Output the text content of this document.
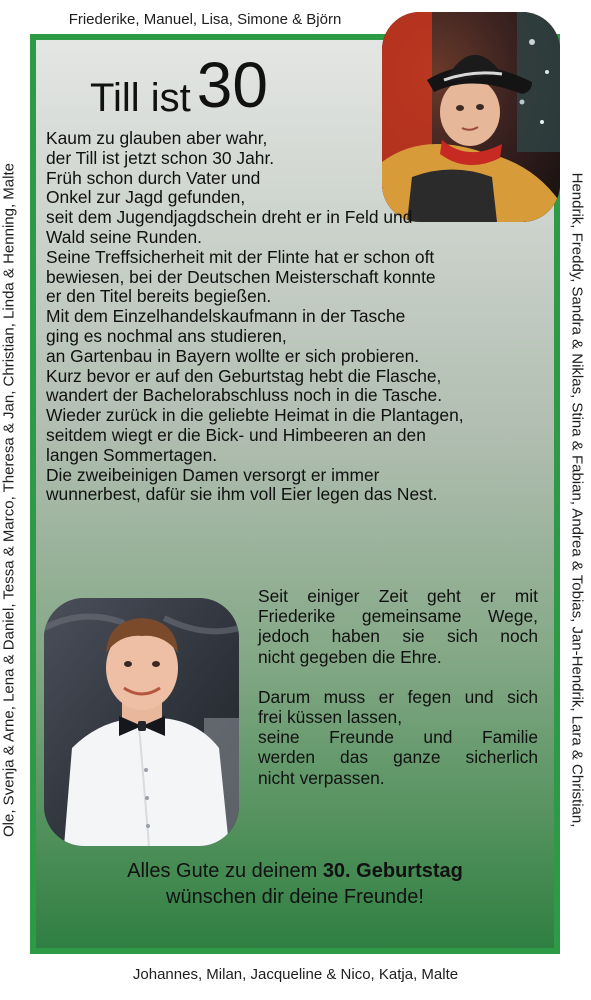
Friederike, Manuel, Lisa, Simone & Björn
Ole, Svenja & Arne, Lena & Daniel, Tessa & Marco, Theresa & Jan, Christian, Linda & Henning, Malte	Hendrik, Freddy, Sandra & Niklas, Stina & Fabian, Andrea & Tobias, Jan-Hendrik, Lara & Christian,
Till ist30
Kaum zu glauben aber wahr,
der Till ist jetzt schon 30 Jahr.
Früh schon durch Vater und
Onkel zur Jagd gefunden,
seit dem Jugendjagdschein dreht er in Feld und
Wald seine Runden.
Seine Treffsicherheit mit der Flinte hat er schon oft
bewiesen, bei der Deutschen Meisterschaft konnte
er den Titel bereits begießen.
Mit dem Einzelhandelskaufmann in der Tasche
ging es nochmal ans studieren,
an Gartenbau in Bayern wollte er sich probieren.
Kurz bevor er auf den Geburtstag hebt die Flasche,
wandert der Bachelorabschluss noch in die Tasche.
Wieder zurück in die geliebte Heimat in die Plantagen,
seitdem wiegt er die Bick- und Himbeeren an den
langen Sommertagen.
Die zweibeinigen Damen versorgt er immer
wunnerbest, dafür sie ihm voll Eier legen das Nest.
Seit einiger Zeit geht er mit
Friederike gemeinsame Wege,
jedoch haben sie sich noch
nicht gegeben die Ehre.
Darum muss er fegen und sich
frei küssen lassen,
seine Freunde und Familie
werden das ganze sicherlich
nicht verpassen.
Alles Gute zu deinem 30. Geburtstag
wünschen dir deine Freunde!
Johannes, Milan, Jacqueline & Nico, Katja, Malte
